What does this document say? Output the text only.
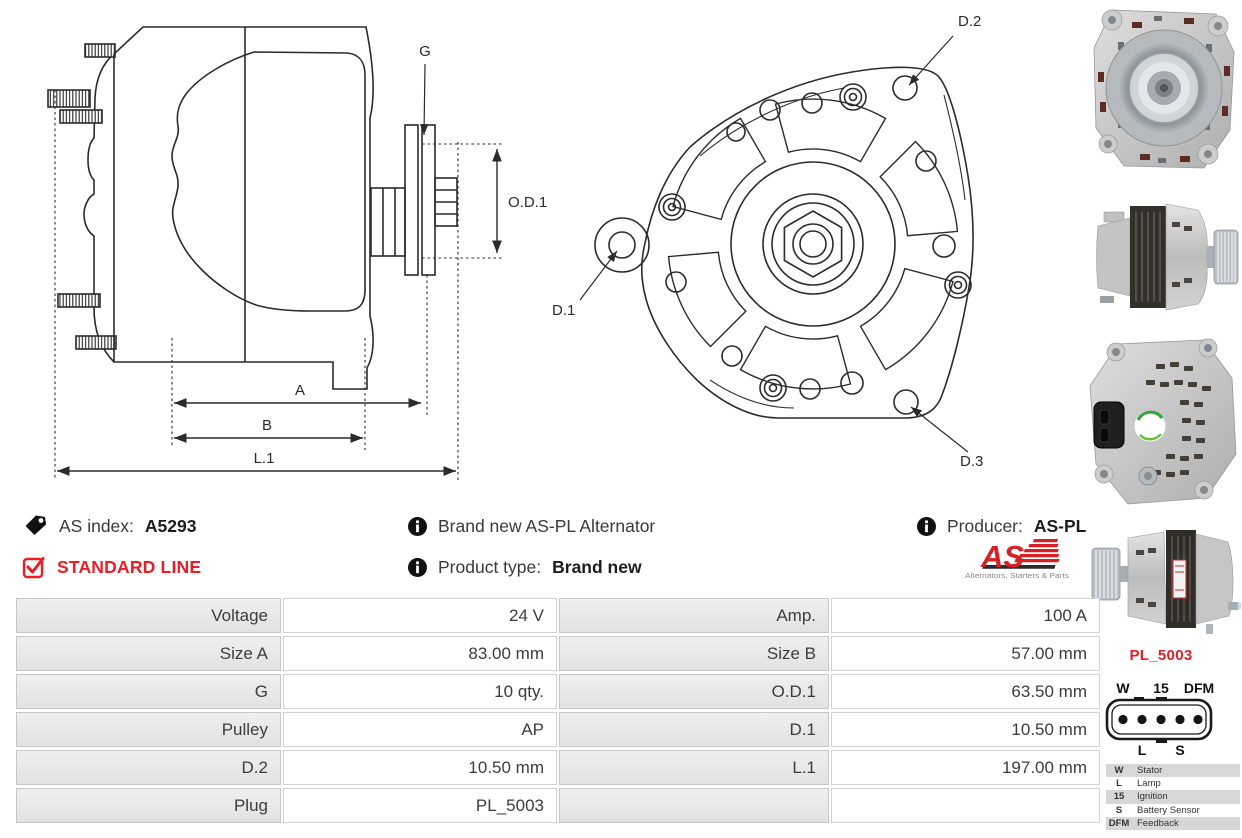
G
O.D.1
A
B
L.1
D.2
D.1
D.3
AS index: A5293
STANDARD LINE
Brand new AS-PL Alternator
Product type: Brand new
Producer: AS-PL
AS
Alternators, Starters & Parts
Voltage	24 V	Amp.	100 A
Size A	83.00 mm	Size B	57.00 mm
G	10 qty.	O.D.1	63.50 mm
Pulley	AP	D.1	10.50 mm
D.2	10.50 mm	L.1	197.00 mm
Plug	PL_5003
PL_5003
W 15 DFM
L S
W	Stator
L	Lamp
15	Ignition
S	Battery Sensor
DFM Feedback
